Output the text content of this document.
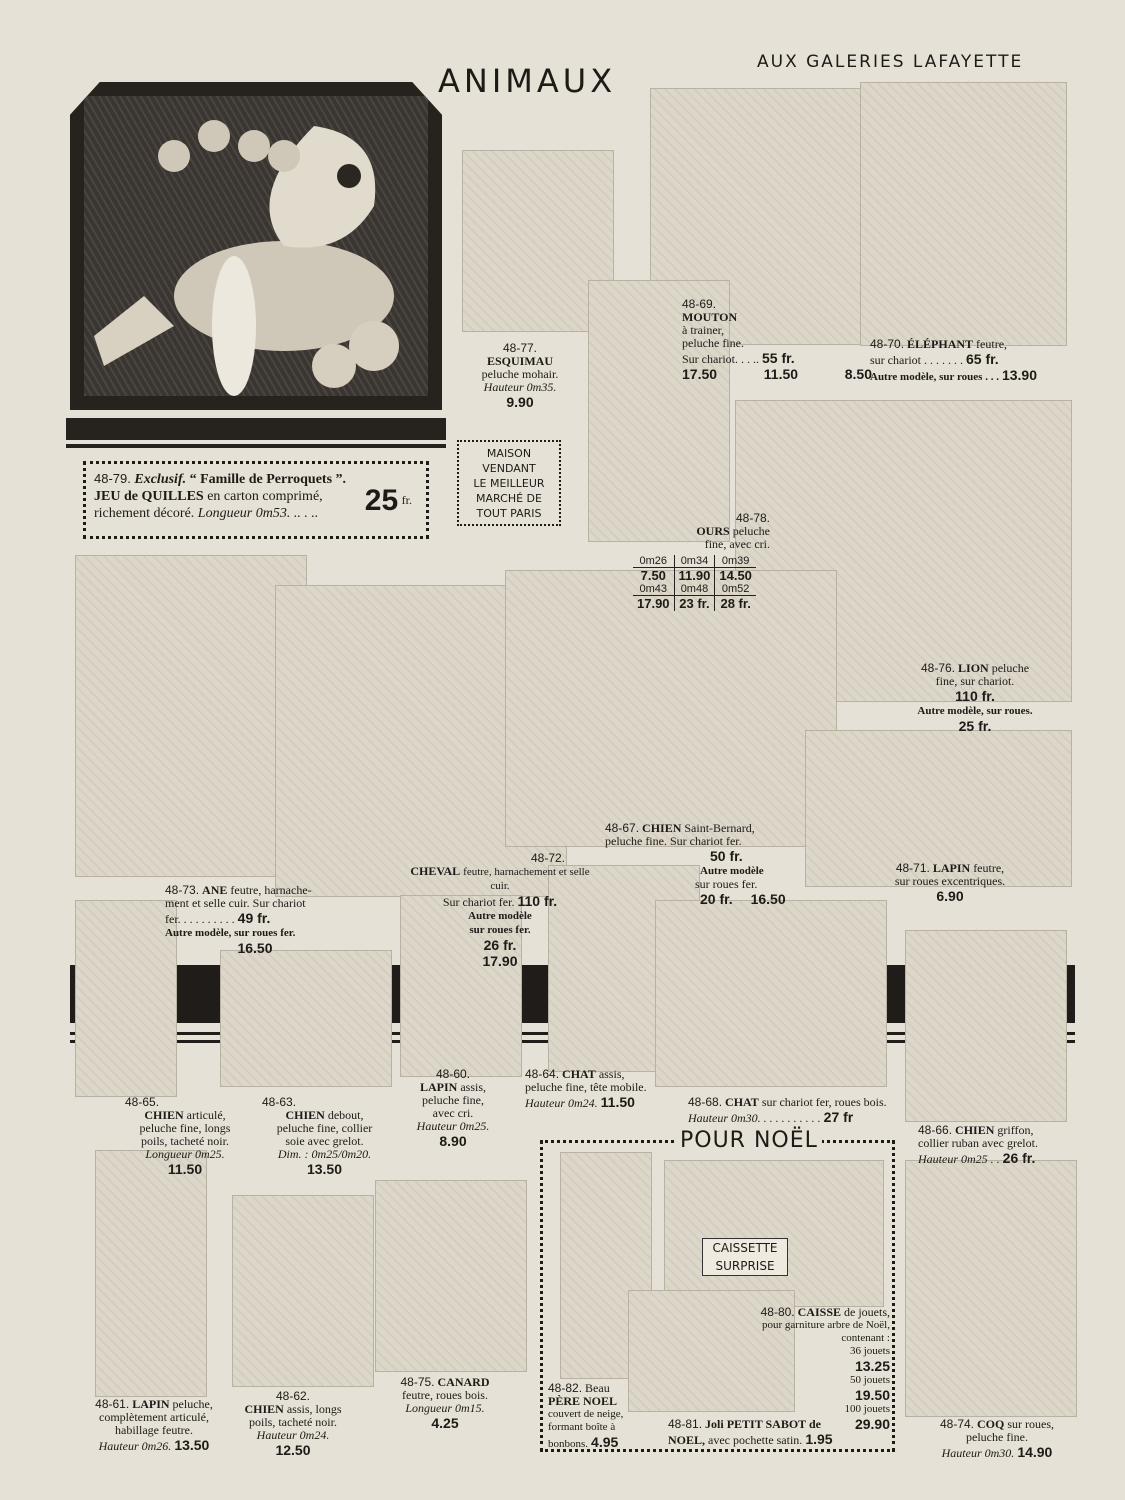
ANIMAUX	AUX GALERIES LAFAYETTE
48-79. Exclusif. “ Famille de Perroquets ”.
JEU de QUILLES en carton comprimé,
richement décoré. Longueur 0m53. .. . ..	25 fr.
MAISON
VENDANT
LE MEILLEUR
MARCHÉ DE
TOUT PARIS
POUR NOËL
CAISSETTE
SURPRISE
48-77.
ESQUIMAU
peluche mohair.
Hauteur 0m35.
9.90
48-69.
MOUTON
à trainer,
peluche fine.
Sur chariot. . . .. 55 fr.
17.50	11.50	8.50
48-70. ÉLÉPHANT feutre,
sur chariot . . . . . . . 65 fr.
Autre modèle, sur roues . . . 13.90
48-78.
OURS peluche
fine, avec cri.
0m26	0m34	0m39
7.50	11.90	14.50
0m43	0m48	0m52
17.90	23 fr.	28 fr.
48-76. LION peluche
fine, sur chariot.
110 fr.
Autre modèle, sur roues.
25 fr.
48-73. ANE feutre, harnache-
ment et selle cuir. Sur chariot
fer. . . . . . . . . . 49 fr.
Autre modèle, sur roues fer.
16.50
48-72.
CHEVAL feutre, harnachement et selle cuir.
Sur chariot fer. 110 fr.
Autre modèle
sur roues fer.
26 fr.
17.90
48-67. CHIEN Saint-Bernard,
peluche fine. Sur chariot fer.
50 fr.
Autre modèle
sur roues fer.
20 fr. 16.50
48-71. LAPIN feutre,
sur roues excentriques.
6.90
48-65.
CHIEN articulé,
peluche fine, longs
poils, tacheté noir.
Longueur 0m25.
11.50
48-63.
CHIEN debout,
peluche fine, collier
soie avec grelot.
Dim. : 0m25/0m20.
13.50
48-60.
LAPIN assis,
peluche fine,
avec cri.
Hauteur 0m25.
8.90
48-64. CHAT assis,
peluche fine, tête mobile.
Hauteur 0m24. 11.50	48-68. CHAT sur chariot fer, roues bois.
Hauteur 0m30. . . . . . . . . . . 27 fr
48-66. CHIEN griffon,
collier ruban avec grelot.
Hauteur 0m25 . . 26 fr.
48-61. LAPIN peluche,
complètement articulé,
habillage feutre.
Hauteur 0m26. 13.50
48-62.
CHIEN assis, longs
poils, tacheté noir.
Hauteur 0m24.
12.50
48-75. CANARD
feutre, roues bois.
Longueur 0m15.
4.25	48-74. COQ sur roues,
peluche fine.
Hauteur 0m30. 14.90
48-80. CAISSE de jouets,
pour garniture arbre de Noël,
contenant :
36 jouets
13.25
50 jouets
19.50
100 jouets
29.90
48-82. Beau
PÈRE NOEL
couvert de neige,
formant boîte à
bonbons. 4.95
48-81. Joli PETIT SABOT de
NOEL, avec pochette satin. 1.95
